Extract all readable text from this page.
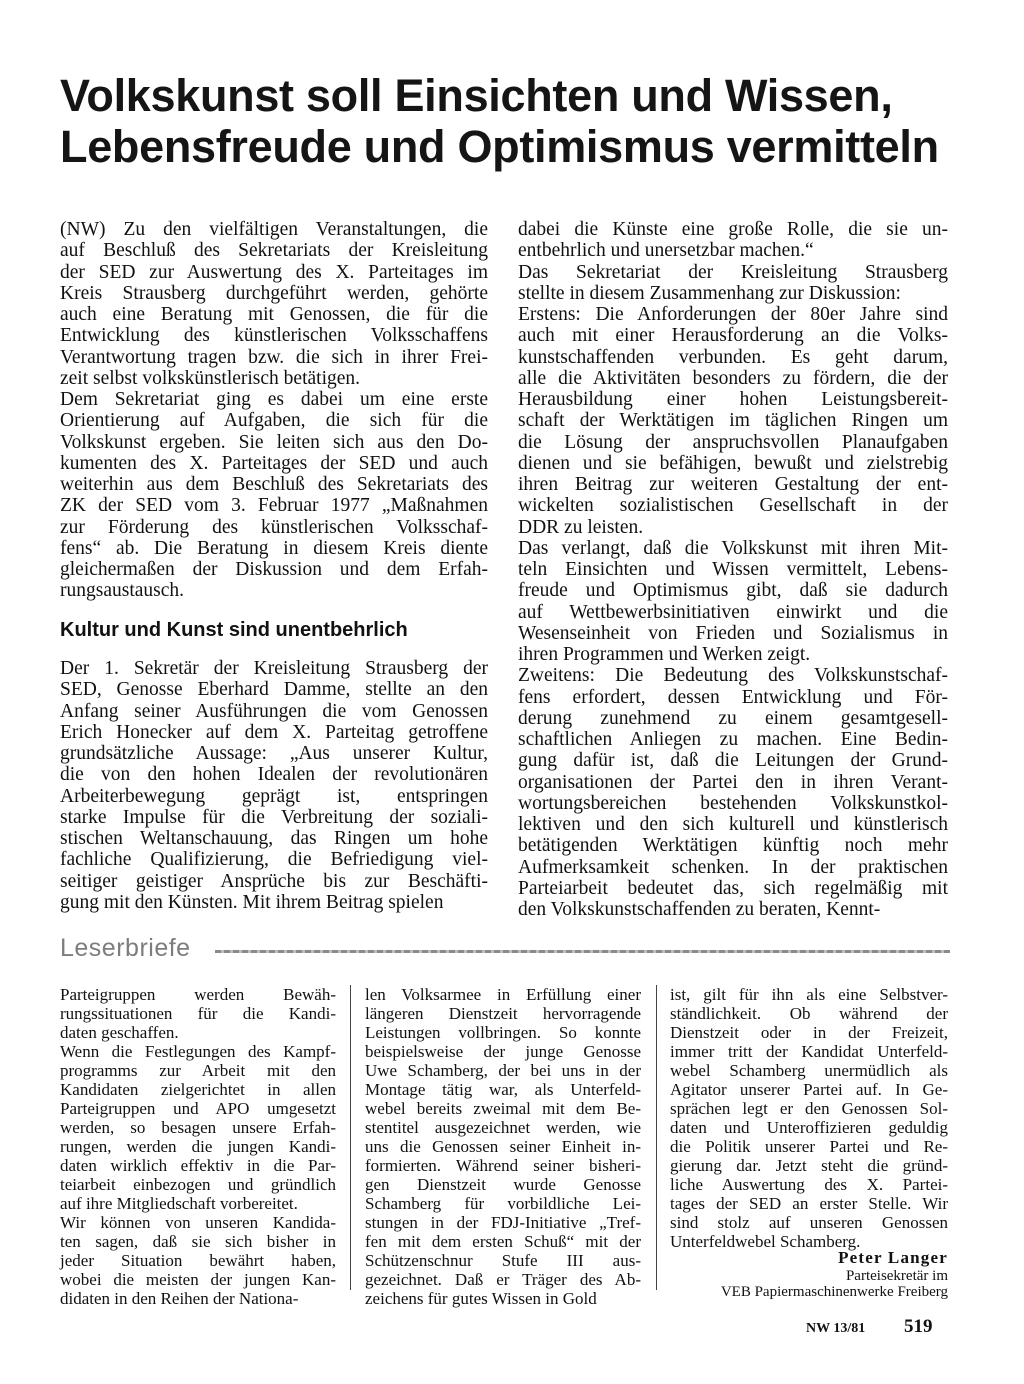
Volkskunst soll Einsichten und Wissen,
Lebensfreude und Optimismus vermitteln
(NW) Zu den vielfältigen Veranstaltungen, die
auf Beschluß des Sekretariats der Kreisleitung
der SED zur Auswertung des X. Parteitages im
Kreis Strausberg durchgeführt werden, gehörte
auch eine Beratung mit Genossen, die für die
Entwicklung des künstlerischen Volksschaffens
Verantwortung tragen bzw. die sich in ihrer Frei-
zeit selbst volkskünstlerisch betätigen.
Dem Sekretariat ging es dabei um eine erste
Orientierung auf Aufgaben, die sich für die
Volkskunst ergeben. Sie leiten sich aus den Do-
kumenten des X. Parteitages der SED und auch
weiterhin aus dem Beschluß des Sekretariats des
ZK der SED vom 3. Februar 1977 „Maßnahmen
zur Förderung des künstlerischen Volksschaf-
fens“ ab. Die Beratung in diesem Kreis diente
gleichermaßen der Diskussion und dem Erfah-
rungsaustausch.
Kultur und Kunst sind unentbehrlich
Der 1. Sekretär der Kreisleitung Strausberg der
SED, Genosse Eberhard Damme, stellte an den
Anfang seiner Ausführungen die vom Genossen
Erich Honecker auf dem X. Parteitag getroffene
grundsätzliche Aussage: „Aus unserer Kultur,
die von den hohen Idealen der revolutionären
Arbeiterbewegung geprägt ist, entspringen
starke Impulse für die Verbreitung der soziali-
stischen Weltanschauung, das Ringen um hohe
fachliche Qualifizierung, die Befriedigung viel-
seitiger geistiger Ansprüche bis zur Beschäfti-
gung mit den Künsten. Mit ihrem Beitrag spielen
dabei die Künste eine große Rolle, die sie un-
entbehrlich und unersetzbar machen.“
Das Sekretariat der Kreisleitung Strausberg
stellte in diesem Zusammenhang zur Diskussion:
Erstens: Die Anforderungen der 80er Jahre sind
auch mit einer Herausforderung an die Volks-
kunstschaffenden verbunden. Es geht darum,
alle die Aktivitäten besonders zu fördern, die der
Herausbildung einer hohen Leistungsbereit-
schaft der Werktätigen im täglichen Ringen um
die Lösung der anspruchsvollen Planaufgaben
dienen und sie befähigen, bewußt und zielstrebig
ihren Beitrag zur weiteren Gestaltung der ent-
wickelten sozialistischen Gesellschaft in der
DDR zu leisten.
Das verlangt, daß die Volkskunst mit ihren Mit-
teln Einsichten und Wissen vermittelt, Lebens-
freude und Optimismus gibt, daß sie dadurch
auf Wettbewerbsinitiativen einwirkt und die
Wesenseinheit von Frieden und Sozialismus in
ihren Programmen und Werken zeigt.
Zweitens: Die Bedeutung des Volkskunstschaf-
fens erfordert, dessen Entwicklung und För-
derung zunehmend zu einem gesamtgesell-
schaftlichen Anliegen zu machen. Eine Bedin-
gung dafür ist, daß die Leitungen der Grund-
organisationen der Partei den in ihren Verant-
wortungsbereichen bestehenden Volkskunstkol-
lektiven und den sich kulturell und künstlerisch
betätigenden Werktätigen künftig noch mehr
Aufmerksamkeit schenken. In der praktischen
Parteiarbeit bedeutet das, sich regelmäßig mit
den Volkskunstschaffenden zu beraten, Kennt-
Leserbriefe
Parteigruppen werden Bewäh-
rungssituationen für die Kandi-
daten geschaffen.
Wenn die Festlegungen des Kampf-
programms zur Arbeit mit den
Kandidaten zielgerichtet in allen
Parteigruppen und APO umgesetzt
werden, so besagen unsere Erfah-
rungen, werden die jungen Kandi-
daten wirklich effektiv in die Par-
teiarbeit einbezogen und gründlich
auf ihre Mitgliedschaft vorbereitet.
Wir können von unseren Kandida-
ten sagen, daß sie sich bisher in
jeder Situation bewährt haben,
wobei die meisten der jungen Kan-
didaten in den Reihen der Nationa-
len Volksarmee in Erfüllung einer
längeren Dienstzeit hervorragende
Leistungen vollbringen. So konnte
beispielsweise der junge Genosse
Uwe Schamberg, der bei uns in der
Montage tätig war, als Unterfeld-
webel bereits zweimal mit dem Be-
stentitel ausgezeichnet werden, wie
uns die Genossen seiner Einheit in-
formierten. Während seiner bisheri-
gen Dienstzeit wurde Genosse
Schamberg für vorbildliche Lei-
stungen in der FDJ-Initiative „Tref-
fen mit dem ersten Schuß“ mit der
Schützenschnur Stufe III aus-
gezeichnet. Daß er Träger des Ab-
zeichens für gutes Wissen in Gold
ist, gilt für ihn als eine Selbstver-
ständlichkeit. Ob während der
Dienstzeit oder in der Freizeit,
immer tritt der Kandidat Unterfeld-
webel Schamberg unermüdlich als
Agitator unserer Partei auf. In Ge-
sprächen legt er den Genossen Sol-
daten und Unteroffizieren geduldig
die Politik unserer Partei und Re-
gierung dar. Jetzt steht die gründ-
liche Auswertung des X. Partei-
tages der SED an erster Stelle. Wir
sind stolz auf unseren Genossen
Unterfeldwebel Schamberg.
Peter Langer
Parteisekretär im
VEB Papiermaschinenwerke Freiberg
NW 13/81 519
